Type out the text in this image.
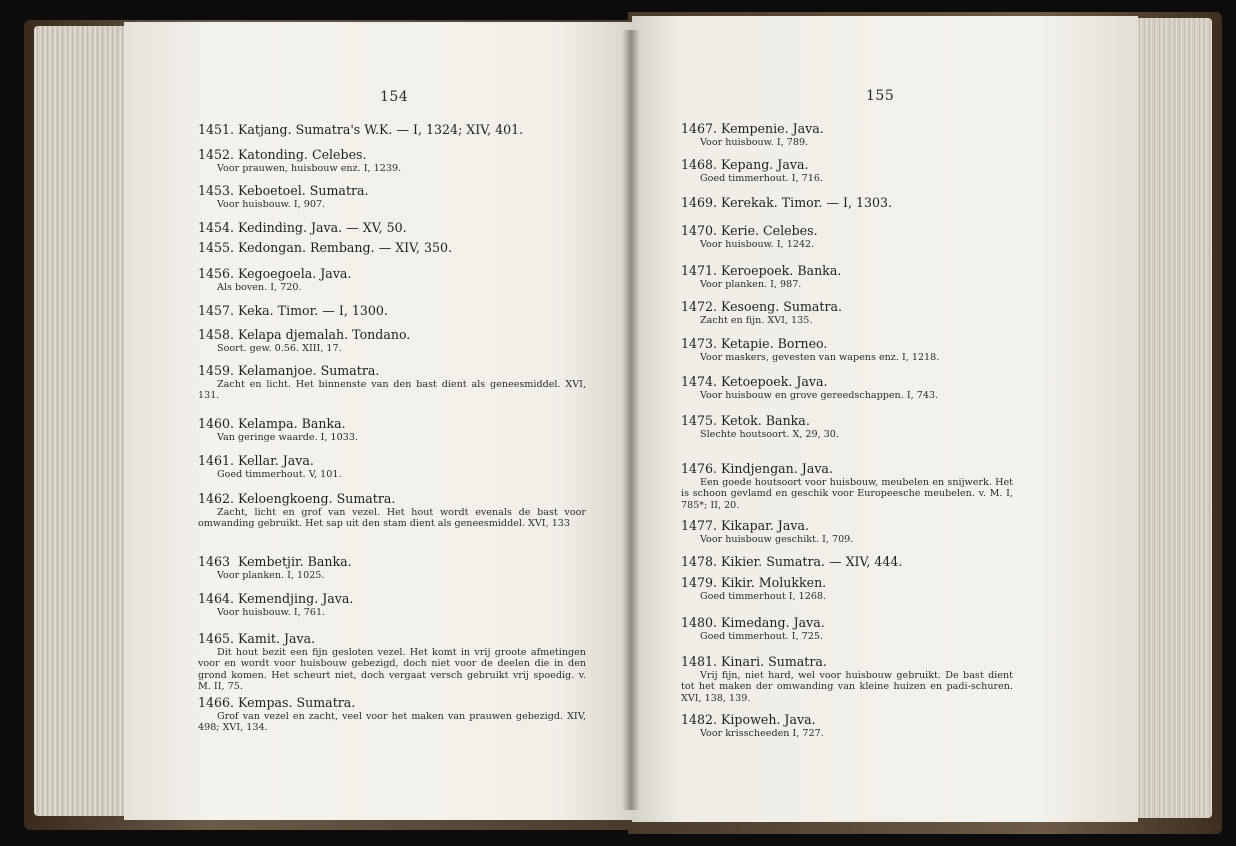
154	155
1451. Katjang. Sumatra's W.K. — I, 1324; XIV, 401.
1452. Katonding. Celebes.
Voor prauwen, huisbouw enz. I, 1239.
1453. Keboetoel. Sumatra.
Voor huisbouw. I, 907.
1454. Kedinding. Java. — XV, 50.
1455. Kedongan. Rembang. — XIV, 350.
1456. Kegoegoela. Java.
Als boven. I, 720.
1457. Keka. Timor. — I, 1300.
1458. Kelapa djemalah. Tondano.
Soort. gew. 0.56. XIII, 17.
1459. Kelamanjoe. Sumatra.
Zacht en licht. Het binnenste van den bast dient als geneesmiddel. XVI, 131.
1460. Kelampa. Banka.
Van geringe waarde. I, 1033.
1461. Kellar. Java.
Goed timmerhout. V, 101.
1462. Keloengkoeng. Sumatra.
Zacht, licht en grof van vezel. Het hout wordt evenals de bast voor omwanding gebruikt. Het sap uit den stam dient als geneesmiddel. XVI, 133
1463 Kembetjir. Banka.
Voor planken. I, 1025.
1464. Kemendjing. Java.
Voor huisbouw. I, 761.
1465. Kamit. Java.
Dit hout bezit een fijn gesloten vezel. Het komt in vrij groote afmetingen voor en wordt voor huisbouw gebezigd, doch niet voor de deelen die in den grond komen. Het scheurt niet, doch vergaat versch gebruikt vrij spoedig. v. M. II, 75.
1466. Kempas. Sumatra.
Grof van vezel en zacht, veel voor het maken van prauwen gebezigd. XIV, 498; XVI, 134.
1467. Kempenie. Java.
Voor huisbouw. I, 789.
1468. Kepang. Java.
Goed timmerhout. I, 716.
1469. Kerekak. Timor. — I, 1303.
1470. Kerie. Celebes.
Voor huisbouw. I, 1242.
1471. Keroepoek. Banka.
Voor planken. I, 987.
1472. Kesoeng. Sumatra.
Zacht en fijn. XVI, 135.
1473. Ketapie. Borneo.
Voor maskers, gevesten van wapens enz. I, 1218.
1474. Ketoepoek. Java.
Voor huisbouw en grove gereedschappen. I, 743.
1475. Ketok. Banka.
Slechte houtsoort. X, 29, 30.
1476. Kindjengan. Java.
Een goede houtsoort voor huisbouw, meubelen en snijwerk. Het is schoon gevlamd en geschik voor Europeesche meubelen. v. M. I, 785*; II, 20.
1477. Kikapar. Java.
Voor huisbouw geschikt. I, 709.
1478. Kikier. Sumatra. — XIV, 444.
1479. Kikir. Molukken.
Goed timmerhout I, 1268.
1480. Kimedang. Java.
Goed timmerhout. I, 725.
1481. Kinari. Sumatra.
Vrij fijn, niet hard, wel voor huisbouw gebruikt. De bast dient tot het maken der omwanding van kleine huizen en padi-schuren. XVI, 138, 139.
1482. Kipoweh. Java.
Voor krisscheeden I, 727.
